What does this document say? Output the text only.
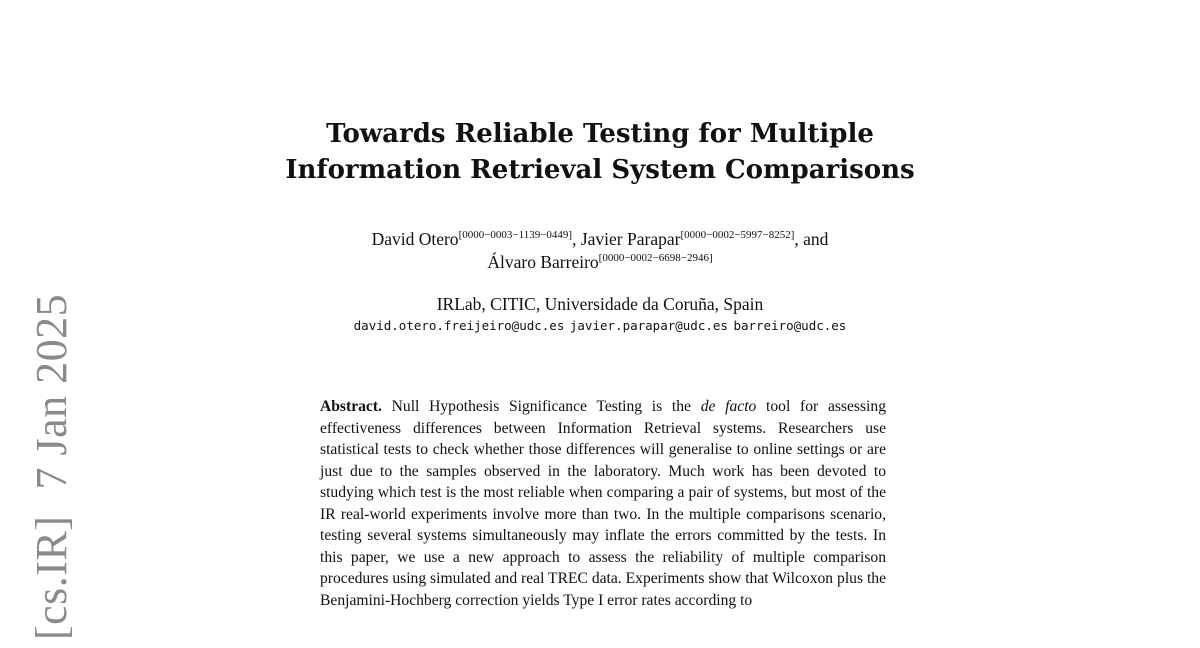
[cs.IR]7 Jan 2025
Towards Reliable Testing for Multiple
Information Retrieval System Comparisons
David Otero[0000−0003−1139−0449], Javier Parapar[0000−0002−5997−8252], and
Álvaro Barreiro[0000−0002−6698−2946]
IRLab, CITIC, Universidade da Coruña, Spain
david.otero.freijeiro@udc.es javier.parapar@udc.es barreiro@udc.es

Abstract. Null Hypothesis Significance Testing is the de facto tool for assessing effectiveness differences between Information Retrieval systems. Researchers use statistical tests to check whether those differences will generalise to online settings or are just due to the samples observed in the laboratory. Much work has been devoted to studying which test is the most reliable when comparing a pair of systems, but most of the IR real-world experiments involve more than two. In the multiple comparisons scenario, testing several systems simultaneously may inflate the errors committed by the tests. In this paper, we use a new approach to assess the reliability of multiple comparison procedures using simulated and real TREC data. Experiments show that Wilcoxon plus the Benjamini-Hochberg correction yields Type I error rates according to
